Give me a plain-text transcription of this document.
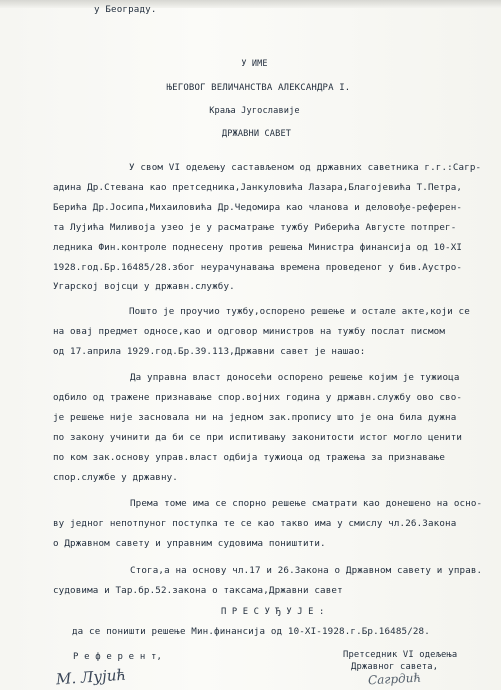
у Београду.
У ИМЕ
ЊЕГОВОГ ВЕЛИЧАНСТВА АЛЕКСАНДРА I.
Краља Југославије
ДРЖАВНИ САВЕТ
У свом VI одељењу састављеном од државних саветника г.г.:Сагр-
адина Др.Стевана као претседника,Јанкуловића Лазара,Благојевића Т.Петра,
Берића Др.Јосипа,Михаиловића Др.Чедомира као чланова и деловође-референ-
та Лујића Миливоја узео је у расматрање тужбу Риберића Августе потпрег-
ледника Фин.контроле поднесену против решења Министра финансија од 10-XI
1928.год.Бр.16485/28.због неурачунавања времена проведеног у бив.Аустро-
Угарској војсци у државн.службу.
Пошто је проучио тужбу,оспорено решење и остале акте,који се
на овај предмет односе,као и одговор министров на тужбу послат писмом
од 17.априла 1929.год.Бр.39.113,Државни савет је нашао:
Да управна власт доносећи оспорено решење којим је тужиоца
одбило од тражене признавање спор.војних година у државн.службу ово сво-
је решење није засновала ни на једном зак.пропису што је она била дужна
по закону учинити да би се при испитивању законитости истог могло ценити
по ком зак.основу управ.власт одбија тужиоца од тражења за признавање
спор.службе у државну.
Према томе има се спорно решење сматрати као донешено на осно-
ву једног непотпуног поступка те се као такво има у смислу чл.26.Закона
о Државном савету и управним судовима поништити.
Стога,а на основу чл.17 и 26.Закона о Државном савету и управ.
судовима и Тар.бр.52.закона о таксама,Државни савет
П Р Е С У Ђ У Ј Е :
да се поништи решење Мин.финансија од 10-XI-1928.г.Бр.16485/28.
Претседник VI одељења
Државног савета,
Р е ф е р е н т,
М. Лујић	Сагрдић
